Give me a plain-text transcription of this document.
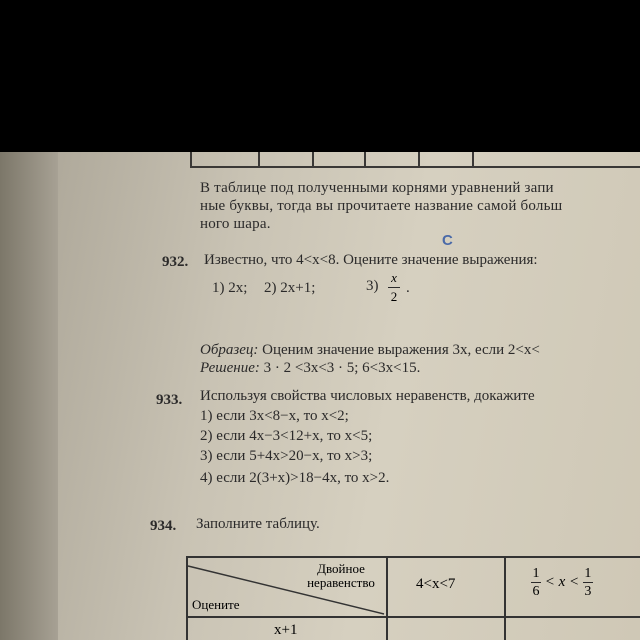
В таблице под полученными корнями уравнений запи
ные буквы, тогда вы прочитаете название самой больш
ного шара.
С
932. Известно, что 4<x<8. Оцените значение выражения:
1) 2x; 2) 2x+1;	3)
x
2
.
Образец: Оценим значение выражения 3x, если 2<x<
Решение: 3 · 2 <3x<3 · 5; 6<3x<15.
933. Используя свойства числовых неравенств, докажите
1) если 3x<8−x, то x<2;
2) если 4x−3<12+x, то x<5;
3) если 5+4x>20−x, то x>3;
4) если 2(3+x)>18−4x, то x>2.
934. Заполните таблицу.
Двойное
неравенство
Оцените
4<x<7	$\frac{1}{6} < x < \frac{1}{3}$
x+1
